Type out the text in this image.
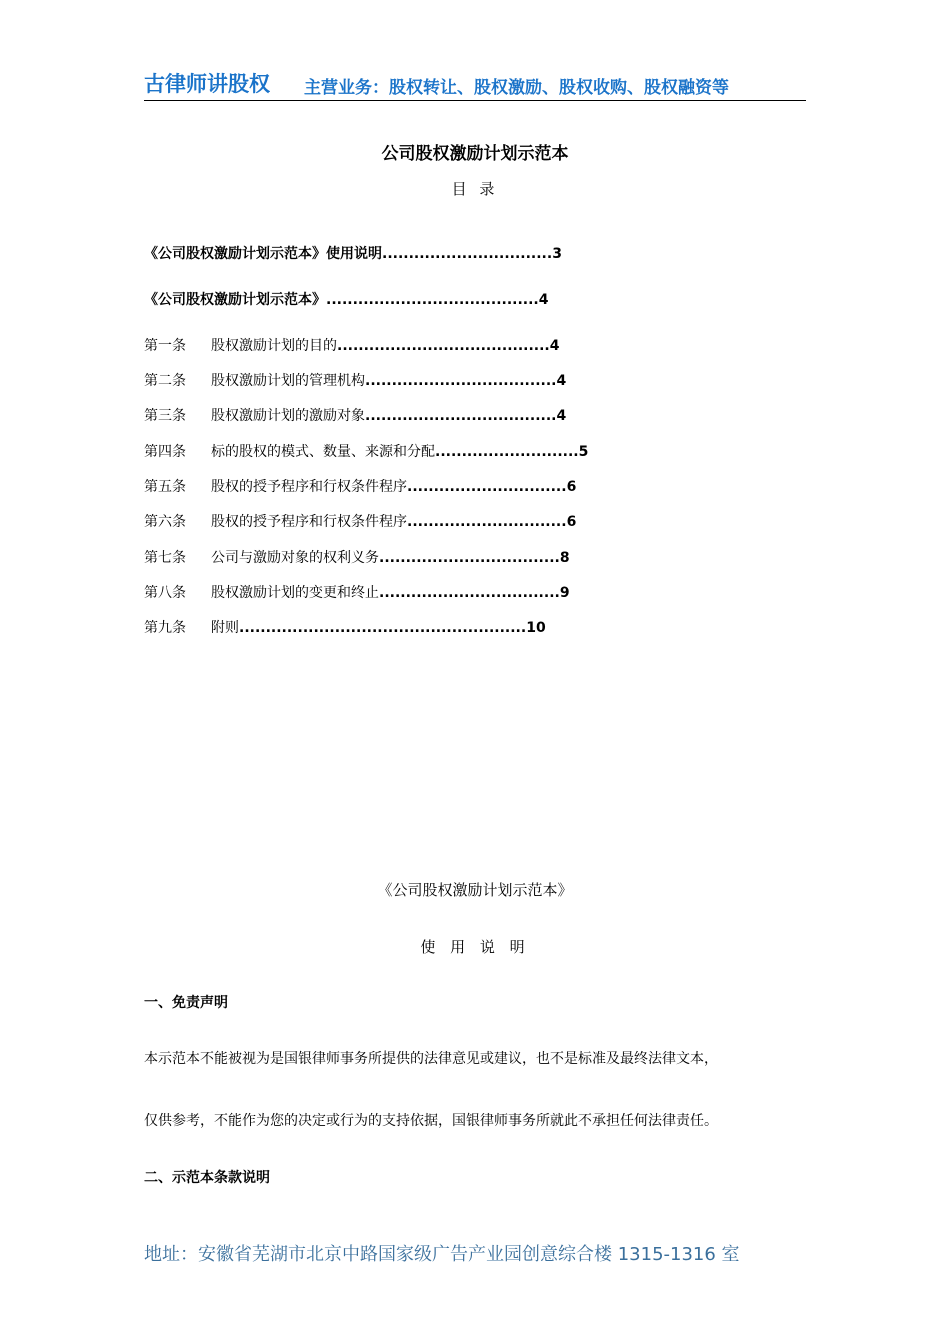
古律师讲股权 主营业务：股权转让、股权激励、股权收购、股权融资等
公司股权激励计划示范本
目 录
《公司股权激励计划示范本》使用说明................................3
《公司股权激励计划示范本》........................................4
第一条 股权激励计划的目的........................................4
第二条 股权激励计划的管理机构....................................4
第三条 股权激励计划的激励对象....................................4
第四条 标的股权的模式、数量、来源和分配...........................5
第五条 股权的授予程序和行权条件程序..............................6
第六条 股权的授予程序和行权条件程序..............................6
第七条 公司与激励对象的权利义务..................................8
第八条 股权激励计划的变更和终止..................................9
第九条 附则......................................................10
《公司股权激励计划示范本》
使 用 说 明
一、免责声明
本示范本不能被视为是国银律师事务所提供的法律意见或建议，也不是标准及最终法律文本，
仅供参考，不能作为您的决定或行为的支持依据，国银律师事务所就此不承担任何法律责任。
二、示范本条款说明
地址：安徽省芜湖市北京中路国家级广告产业园创意综合楼 1315-1316 室
